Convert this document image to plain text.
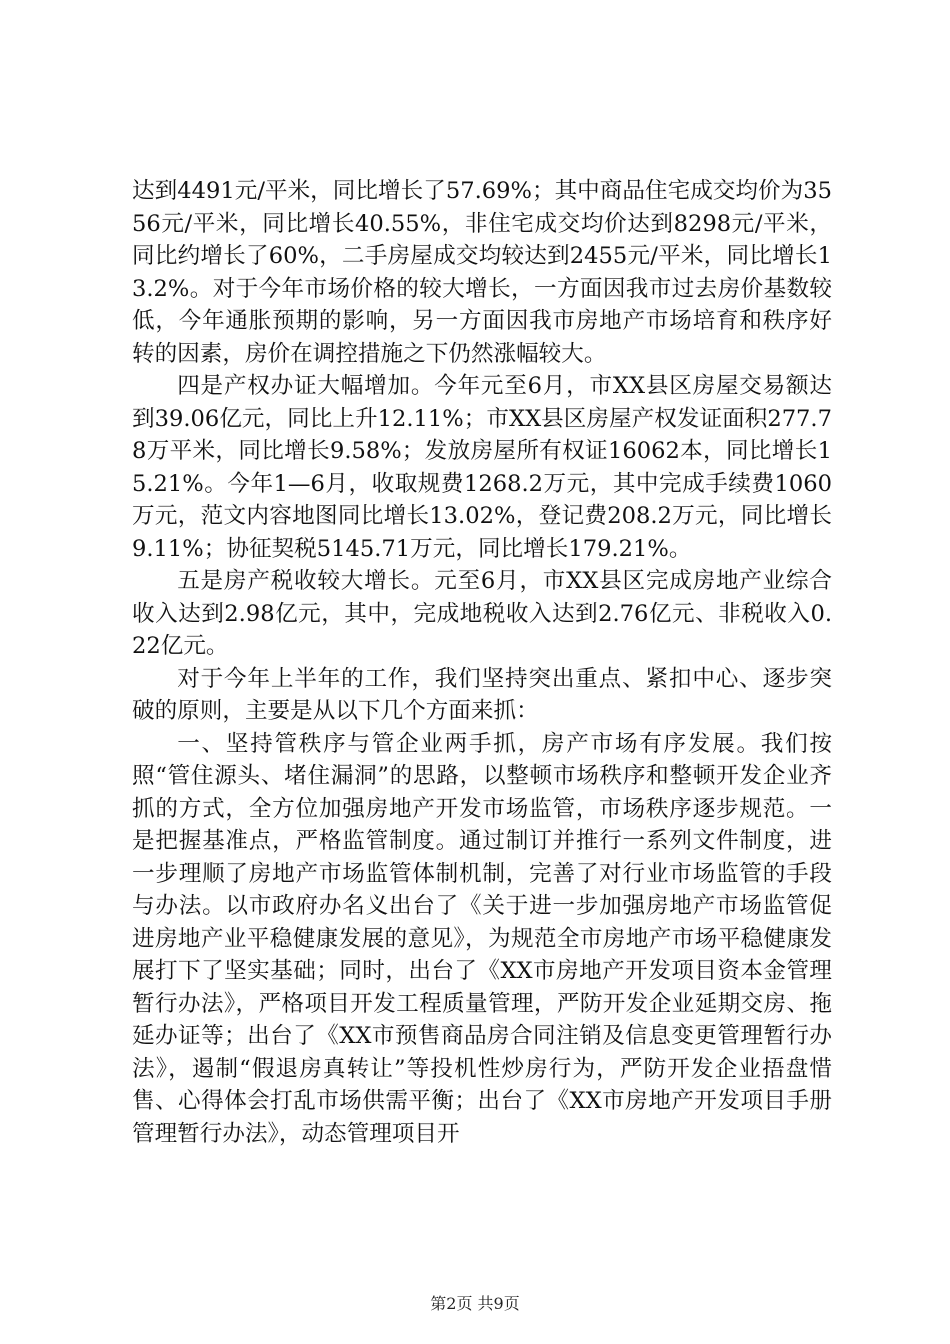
达到4491元/平米，同比增长了57.69%；其中商品住宅成交均价为3556元/平米，同比增长40.55%，非住宅成交均价达到8298元/平米，同比约增长了60%，二手房屋成交均较达到2455元/平米，同比增长13.2%。对于今年市场价格的较大增长，一方面因我市过去房价基数较低，今年通胀预期的影响，另一方面因我市房地产市场培育和秩序好转的因素，房价在调控措施之下仍然涨幅较大。

四是产权办证大幅增加。今年元至6月，市XX县区房屋交易额达到39.06亿元，同比上升12.11%；市XX县区房屋产权发证面积277.78万平米，同比增长9.58%；发放房屋所有权证16062本，同比增长15.21%。今年1—6月，收取规费1268.2万元，其中完成手续费1060万元，范文内容地图同比增长13.02%，登记费208.2万元，同比增长9.11%；协征契税5145.71万元，同比增长179.21%。

五是房产税收较大增长。元至6月，市XX县区完成房地产业综合收入达到2.98亿元，其中，完成地税收入达到2.76亿元、非税收入0.22亿元。

对于今年上半年的工作，我们坚持突出重点、紧扣中心、逐步突破的原则，主要是从以下几个方面来抓：

一、坚持管秩序与管企业两手抓，房产市场有序发展。我们按照“管住源头、堵住漏洞”的思路，以整顿市场秩序和整顿开发企业齐抓的方式，全方位加强房地产开发市场监管，市场秩序逐步规范。一是把握基准点，严格监管制度。通过制订并推行一系列文件制度，进一步理顺了房地产市场监管体制机制，完善了对行业市场监管的手段与办法。以市政府办名义出台了《关于进一步加强房地产市场监管促进房地产业平稳健康发展的意见》，为规范全市房地产市场平稳健康发展打下了坚实基础；同时，出台了《XX市房地产开发项目资本金管理暂行办法》，严格项目开发工程质量管理，严防开发企业延期交房、拖延办证等；出台了《XX市预售商品房合同注销及信息变更管理暂行办法》，遏制“假退房真转让”等投机性炒房行为，严防开发企业捂盘惜售、心得体会打乱市场供需平衡；出台了《XX市房地产开发项目手册管理暂行办法》，动态管理项目开

第2页 共9页
